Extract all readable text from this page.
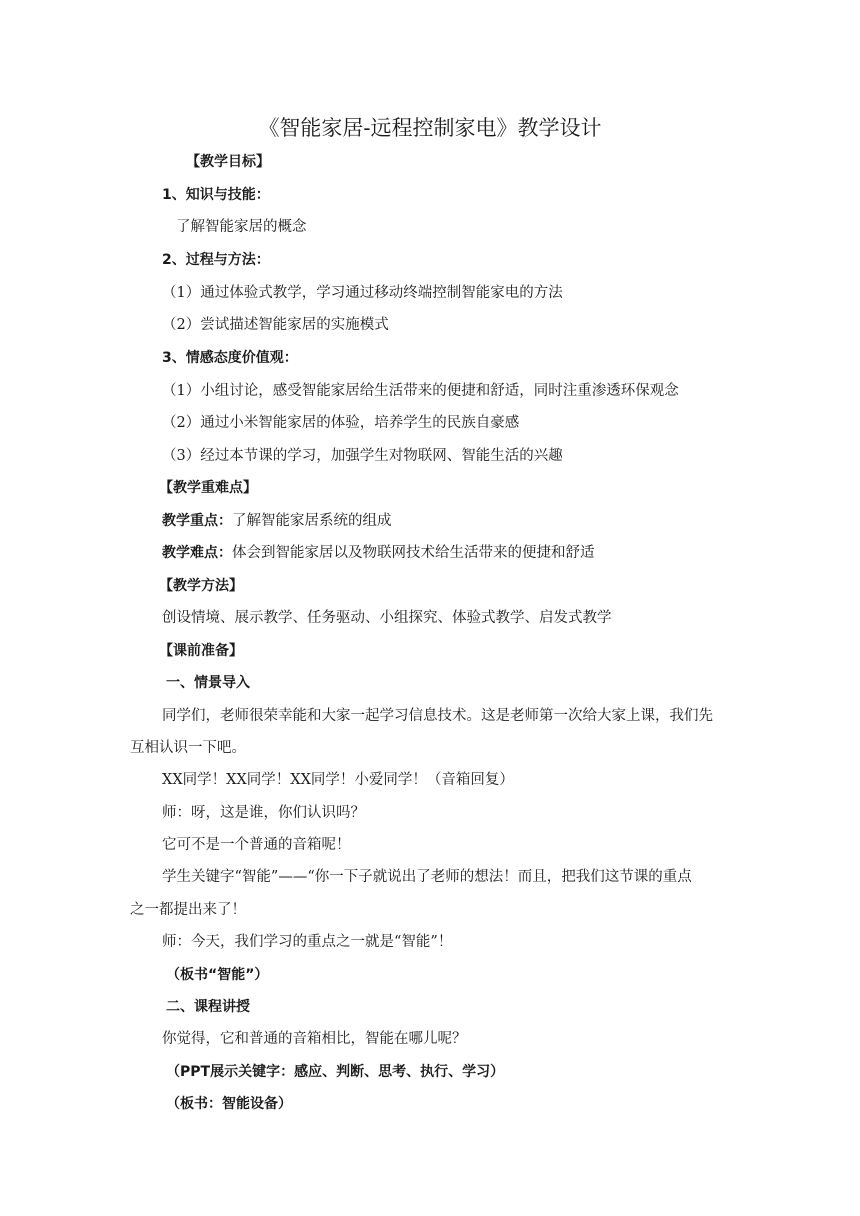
《智能家居-远程控制家电》教学设计
【教学目标】
1、知识与技能：
了解智能家居的概念
2、过程与方法：
（1）通过体验式教学，学习通过移动终端控制智能家电的方法
（2）尝试描述智能家居的实施模式
3、情感态度价值观：
（1）小组讨论，感受智能家居给生活带来的便捷和舒适，同时注重渗透环保观念
（2）通过小米智能家居的体验，培养学生的民族自豪感
（3）经过本节课的学习，加强学生对物联网、智能生活的兴趣
【教学重难点】
教学重点：了解智能家居系统的组成
教学难点：体会到智能家居以及物联网技术给生活带来的便捷和舒适
【教学方法】
创设情境、展示教学、任务驱动、小组探究、体验式教学、启发式教学
【课前准备】
一、情景导入
同学们，老师很荣幸能和大家一起学习信息技术。这是老师第一次给大家上课，我们先
互相认识一下吧。
XX同学！XX同学！XX同学！小爱同学！（音箱回复）
师：呀，这是谁，你们认识吗？
它可不是一个普通的音箱呢！
学生关键字“智能”——“你一下子就说出了老师的想法！而且，把我们这节课的重点
之一都提出来了！
师：今天，我们学习的重点之一就是“智能”！
（板书“智能”）
二、课程讲授
你觉得，它和普通的音箱相比，智能在哪儿呢？
（PPT展示关键字：感应、判断、思考、执行、学习）
（板书：智能设备）
